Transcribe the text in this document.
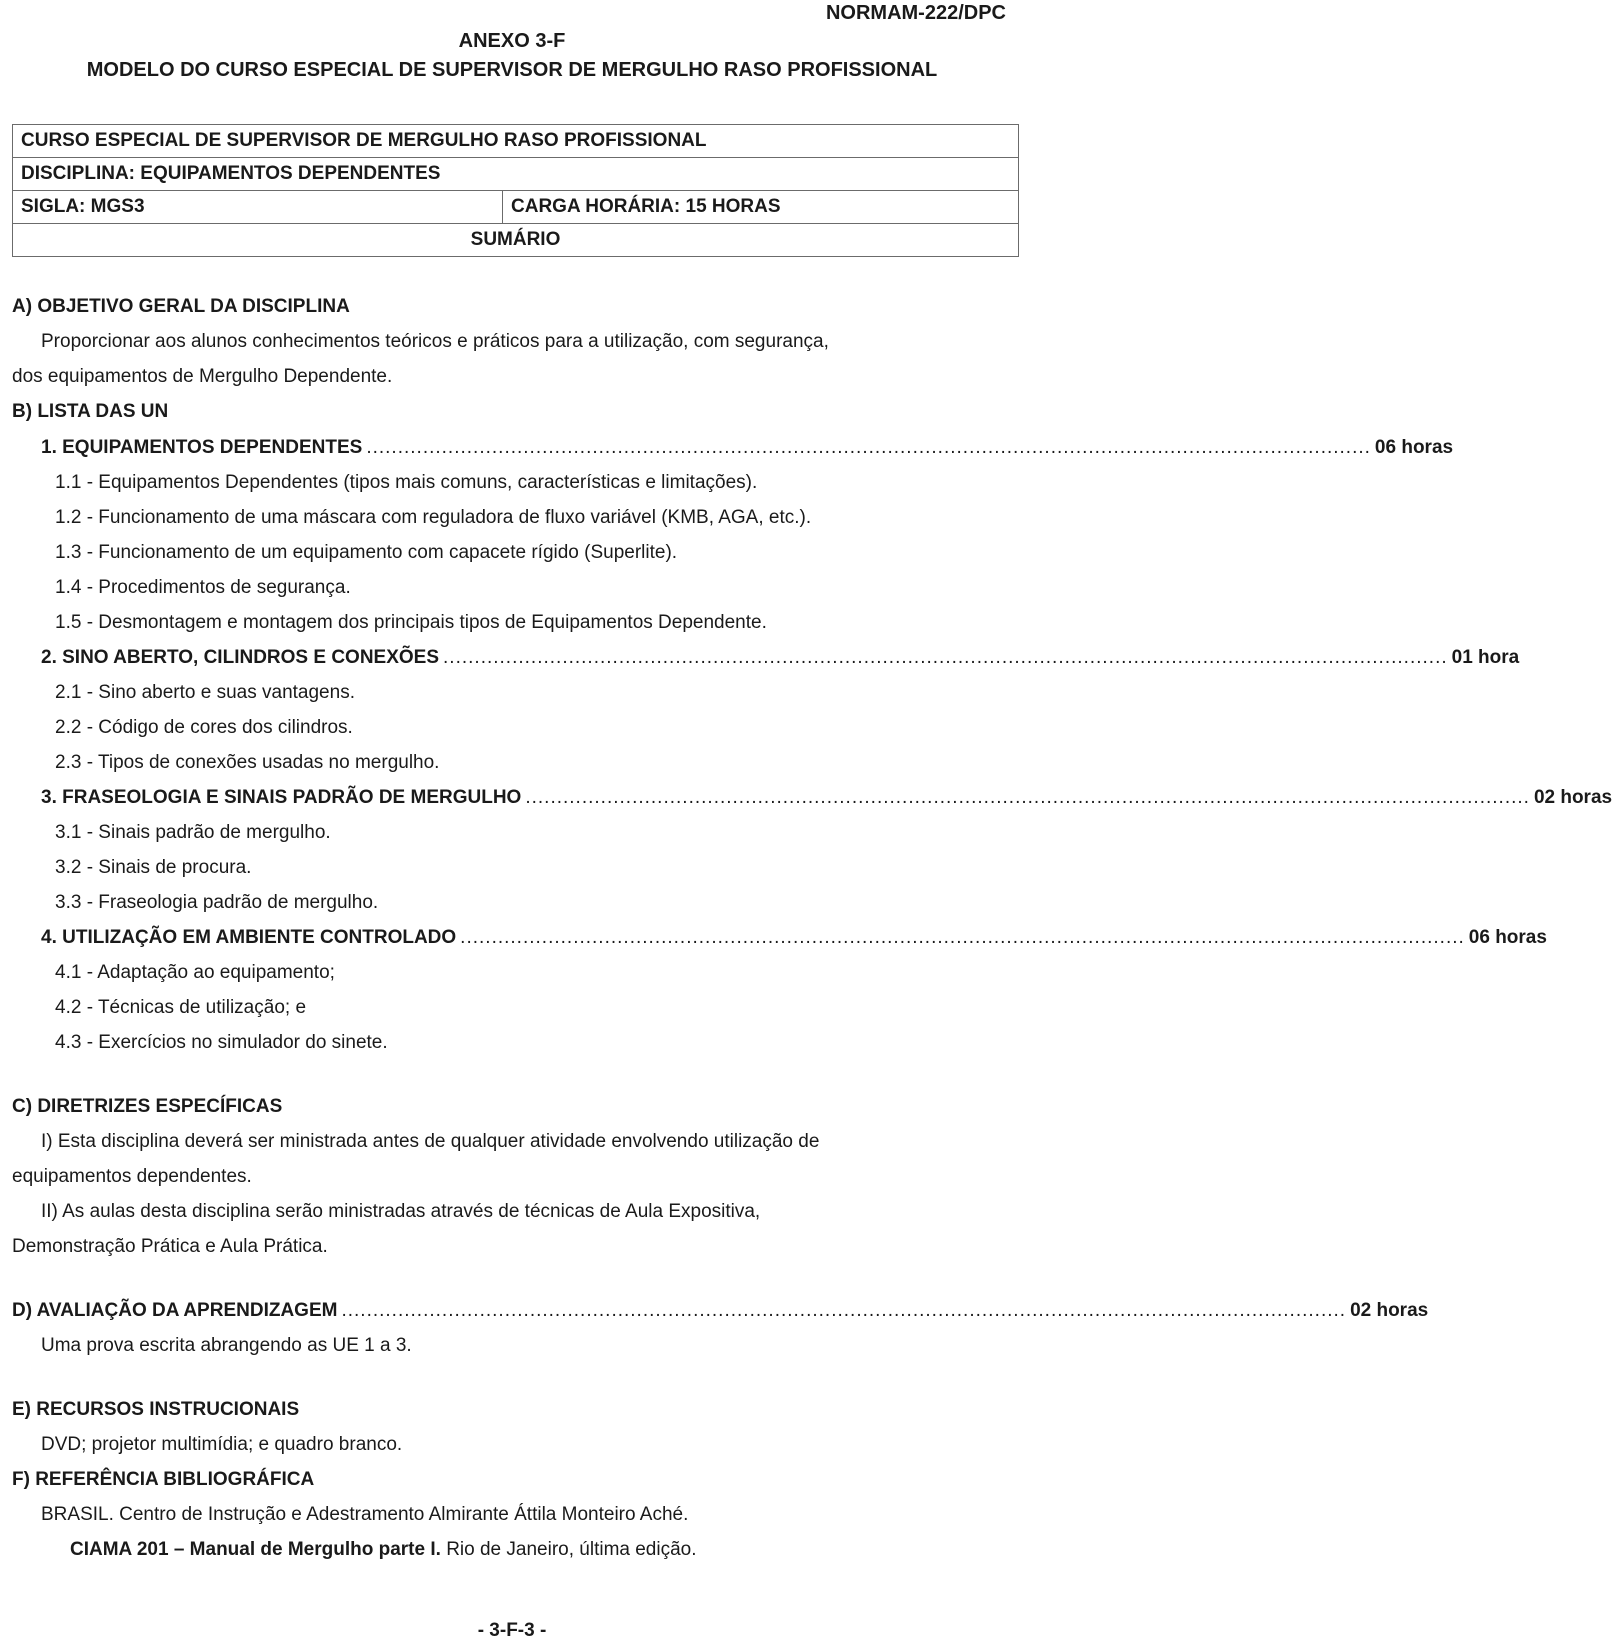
NORMAM-222/DPC
ANEXO 3-F
MODELO DO CURSO ESPECIAL DE SUPERVISOR DE MERGULHO RASO PROFISSIONAL
CURSO ESPECIAL DE SUPERVISOR DE MERGULHO RASO PROFISSIONAL
DISCIPLINA: EQUIPAMENTOS DEPENDENTES
SIGLA: MGS3	CARGA HORÁRIA: 15 HORAS
SUMÁRIO
A) OBJETIVO GERAL DA DISCIPLINA
Proporcionar aos alunos conhecimentos teóricos e práticos para a utilização, com segurança,
dos equipamentos de Mergulho Dependente.
B) LISTA DAS UN
1. EQUIPAMENTOS DEPENDENTES ................................................................................................................................................................ 06 horas
1.1 - Equipamentos Dependentes (tipos mais comuns, características e limitações).
1.2 - Funcionamento de uma máscara com reguladora de fluxo variável (KMB, AGA, etc.).
1.3 - Funcionamento de um equipamento com capacete rígido (Superlite).
1.4 - Procedimentos de segurança.
1.5 - Desmontagem e montagem dos principais tipos de Equipamentos Dependente.
2. SINO ABERTO, CILINDROS E CONEXÕES ................................................................................................................................................................ 01 hora
2.1 - Sino aberto e suas vantagens.
2.2 - Código de cores dos cilindros.
2.3 - Tipos de conexões usadas no mergulho.
3. FRASEOLOGIA E SINAIS PADRÃO DE MERGULHO ................................................................................................................................................................ 02 horas
3.1 - Sinais padrão de mergulho.
3.2 - Sinais de procura.
3.3 - Fraseologia padrão de mergulho.
4. UTILIZAÇÃO EM AMBIENTE CONTROLADO ................................................................................................................................................................ 06 horas
4.1 - Adaptação ao equipamento;
4.2 - Técnicas de utilização; e
4.3 - Exercícios no simulador do sinete.
C) DIRETRIZES ESPECÍFICAS
I) Esta disciplina deverá ser ministrada antes de qualquer atividade envolvendo utilização de
equipamentos dependentes.
II) As aulas desta disciplina serão ministradas através de técnicas de Aula Expositiva,
Demonstração Prática e Aula Prática.
D) AVALIAÇÃO DA APRENDIZAGEM ................................................................................................................................................................ 02 horas
Uma prova escrita abrangendo as UE 1 a 3.
E) RECURSOS INSTRUCIONAIS
DVD; projetor multimídia; e quadro branco.
F) REFERÊNCIA BIBLIOGRÁFICA
BRASIL. Centro de Instrução e Adestramento Almirante Áttila Monteiro Aché.
CIAMA 201 – Manual de Mergulho parte I. Rio de Janeiro, última edição.
- 3-F-3 -
